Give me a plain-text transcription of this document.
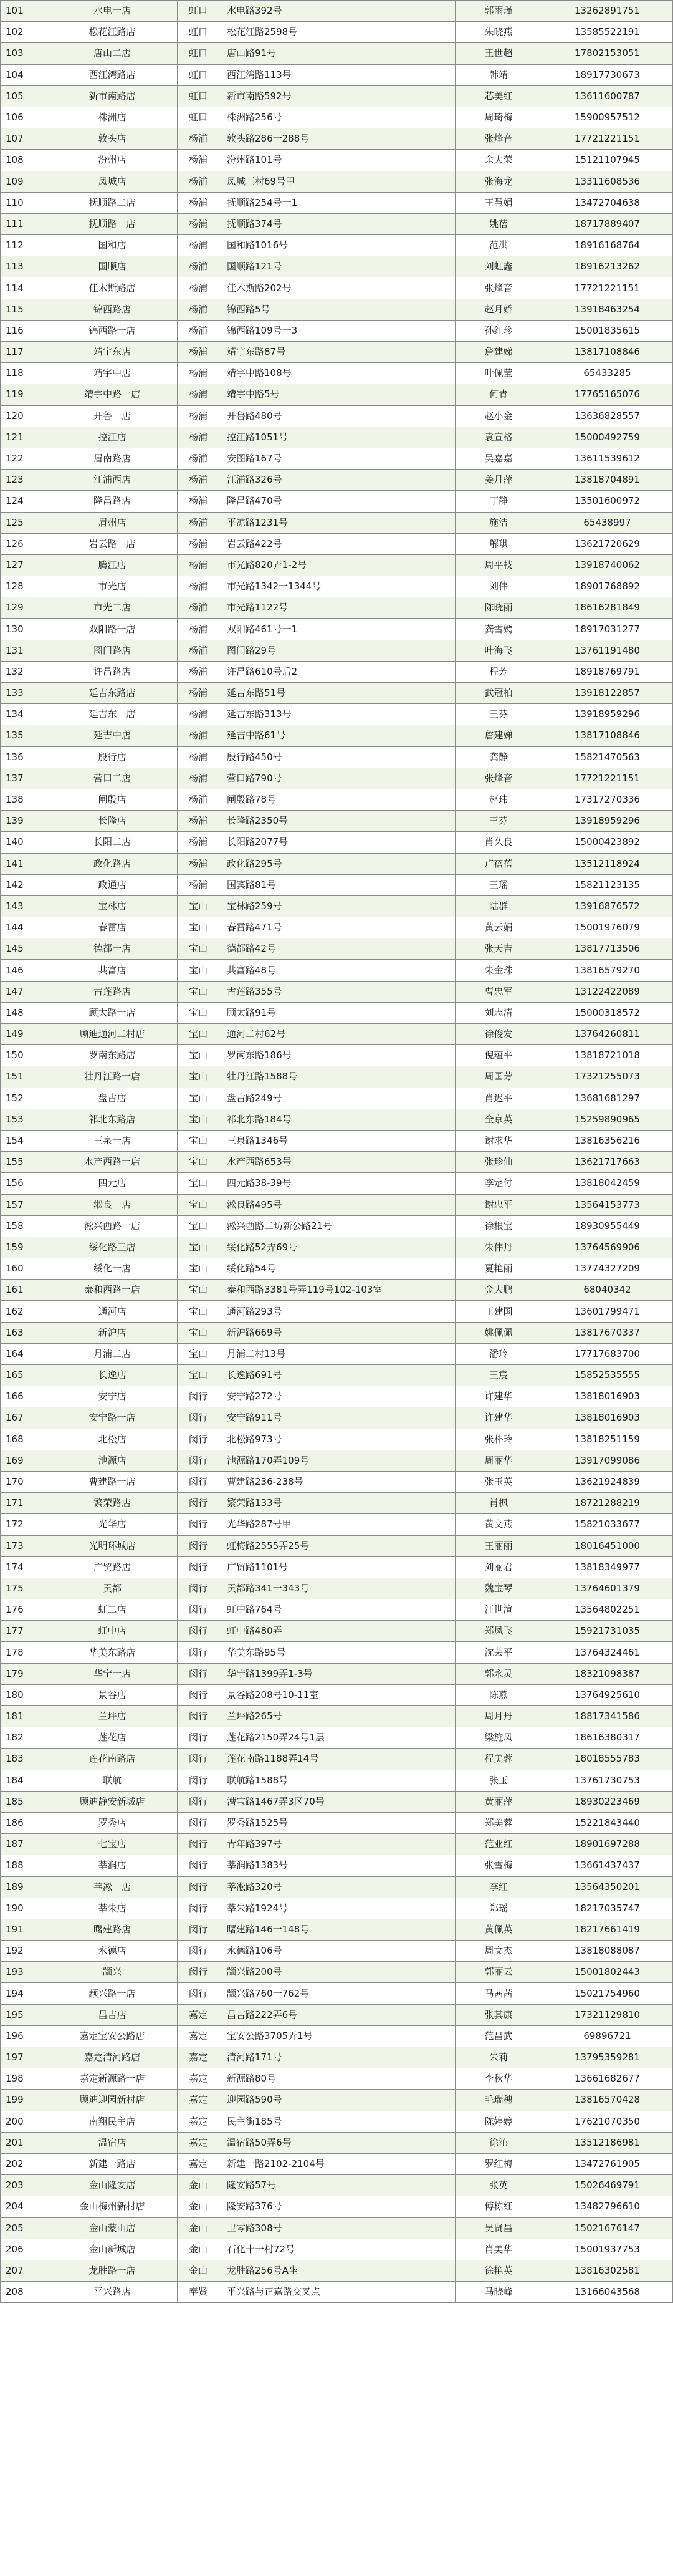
101	水电一店	虹口	水电路392号	郭雨瑾	13262891751
102	松花江路店	虹口	松花江路2598号	朱晓燕	13585522191
103	唐山二店	虹口	唐山路91号	王世超	17802153051
104	西江湾路店	虹口	西江湾路113号	韩靖	18917730673
105	新市南路店	虹口	新市南路592号	芯美红	13611600787
106	株洲店	虹口	株洲路256号	周琦梅	15900957512
107	敦头店	杨浦	敦头路286一288号	张烽音	17721221151
108	汾州店	杨浦	汾州路101号	余大荣	15121107945
109	凤城店	杨浦	凤城三村69号甲	张海龙	13311608536
110	抚顺路二店	杨浦	抚顺路254号一1	王慧娟	13472704638
111	抚顺路一店	杨浦	抚顺路374号	姚蓓	18717889407
112	国和店	杨浦	国和路1016号	范洪	18916168764
113	国顺店	杨浦	国顺路121号	刘虹鑫	18916213262
114	佳木斯路店	杨浦	佳木斯路202号	张烽音	17721221151
115	锦西路店	杨浦	锦西路5号	赵月娇	13918463254
116	锦西路一店	杨浦	锦西路109号一3	孙红珍	15001835615
117	靖宇东店	杨浦	靖宇东路87号	詹建娣	13817108846
118	靖宇中店	杨浦	靖宇中路108号	叶佩莹	65433285
119	靖宇中路一店	杨浦	靖宇中路5号	何青	17765165076
120	开鲁一店	杨浦	开鲁路480号	赵小金	13636828557
121	控江店	杨浦	控江路1051号	袁宣格	15000492759
122	眉南路店	杨浦	安图路167号	吴嘉嘉	13611539612
123	江浦西店	杨浦	江浦路326号	姜月萍	13818704891
124	隆昌路店	杨浦	隆昌路470号	丁静	13501600972
125	眉州店	杨浦	平凉路1231号	施洁	65438997
126	岩云路一店	杨浦	岩云路422号	解琪	13621720629
127	腾江店	杨浦	市光路820弄1-2号	周平枝	13918740062
128	市光店	杨浦	市光路1342一1344号	刘伟	18901768892
129	市光二店	杨浦	市光路1122号	陈晓丽	18616281849
130	双阳路一店	杨浦	双阳路461号一1	龚雪嫣	18917031277
131	图门路店	杨浦	图门路29号	叶海飞	13761191480
132	许昌路店	杨浦	许昌路610号后2	程芳	18918769791
133	延吉东路店	杨浦	延吉东路51号	武冠柏	13918122857
134	延吉东一店	杨浦	延吉东路313号	王芬	13918959296
135	延吉中店	杨浦	延吉中路61号	詹建娣	13817108846
136	殷行店	杨浦	殷行路450号	龚静	15821470563
137	营口二店	杨浦	营口路790号	张烽音	17721221151
138	闸殷店	杨浦	闸殷路78号	赵玮	17317270336
139	长隆店	杨浦	长隆路2350号	王芬	13918959296
140	长阳二店	杨浦	长阳路2077号	肖久良	15000423892
141	政化路店	杨浦	政化路295号	卢蓓蓓	13512118924
142	政通店	杨浦	国宾路81号	王瑶	15821123135
143	宝林店	宝山	宝林路259号	陆群	13916876572
144	春雷店	宝山	春雷路471号	黄云娟	15001976079
145	德都一店	宝山	德都路42号	张天吉	13817713506
146	共富店	宝山	共富路48号	朱金珠	13816579270
147	古莲路店	宝山	古莲路355号	曹忠军	13122422089
148	顾太路一店	宝山	顾太路91号	刘志清	15000318572
149	顾迪通河二村店	宝山	通河二村62号	徐俊发	13764260811
150	罗南东路店	宝山	罗南东路186号	倪蕴平	13818721018
151	牡丹江路一店	宝山	牡丹江路1588号	周国芳	17321255073
152	盘古店	宝山	盘古路249号	肖迟平	13681681297
153	祁北东路店	宝山	祁北东路184号	全京英	15259890965
154	三泉一店	宝山	三泉路1346号	谢求华	13816356216
155	水产西路一店	宝山	水产西路653号	张珍仙	13621717663
156	四元店	宝山	四元路38-39号	李定付	13818042459
157	淞良一店	宝山	淞良路495号	谢忠平	13564153773
158	淞兴西路一店	宝山	淞兴西路二坊新公路21号	徐根宝	18930955449
159	绥化路三店	宝山	绥化路52弄69号	朱伟丹	13764569906
160	绥化一店	宝山	绥化路54号	夏艳丽	13774327209
161	泰和西路一店	宝山	泰和西路3381号弄119号102-103室	金大鹏	68040342
162	通河店	宝山	通河路293号	王建国	13601799471
163	新沪店	宝山	新沪路669号	姚佩佩	13817670337
164	月浦二店	宝山	月浦二村13号	潘玲	17717683700
165	长逸店	宝山	长逸路691号	王宸	15852535555
166	安宁店	闵行	安宁路272号	许建华	13818016903
167	安宁路一店	闵行	安宁路911号	许建华	13818016903
168	北松店	闵行	北松路973号	张朴玲	13818251159
169	池源店	闵行	池源路170弄109号	周丽华	13917099086
170	曹建路一店	闵行	曹建路236-238号	张玉英	13621924839
171	繁荣路店	闵行	繁荣路133号	肖枫	18721288219
172	光华店	闵行	光华路287号甲	黄文燕	15821033677
173	光明环城店	闵行	虹梅路2555弄25号	王丽丽	18016451000
174	广贸路店	闵行	广贸路1101号	刘丽君	13818349977
175	贡都	闵行	贡都路341一343号	魏宝琴	13764601379
176	虹二店	闵行	虹中路764号	汪世渲	13564802251
177	虹中店	闵行	虹中路480弄	郑凤飞	15921731035
178	华美东路店	闵行	华美东路95号	沈芸平	13764324461
179	华宁一店	闵行	华宁路1399弄1-3号	郭永灵	18321098387
180	景谷店	闵行	景谷路208号10-11室	陈燕	13764925610
181	兰坪店	闵行	兰坪路265号	周月丹	18817341586
182	莲花店	闵行	莲花路2150弄24号1层	梁施凤	18616380317
183	莲花南路店	闵行	莲花南路1188弄14号	程美蓉	18018555783
184	联航	闵行	联航路1588号	张玉	13761730753
185	顾迪静安新城店	闵行	漕宝路1467弄3区70号	黄丽萍	18930223469
186	罗秀店	闵行	罗秀路1525号	郑美蓉	15221843440
187	七宝店	闵行	青年路397号	范亚红	18901697288
188	莘润店	闵行	莘润路1383号	张雪梅	13661437437
189	莘凇一店	闵行	莘凇路320号	李红	13564350201
190	莘朱店	闵行	莘朱路1924号	郑瑶	18217035747
191	曙建路店	闵行	曙建路146一148号	黄佩英	18217661419
192	永德店	闵行	永德路106号	周文杰	13818088087
193	颛兴	闵行	颛兴路200号	郭丽云	15001802443
194	颛兴路一店	闵行	颛兴路760一762号	马茜茜	15021754960
195	昌吉店	嘉定	昌吉路222弄6号	张其康	17321129810
196	嘉定宝安公路店	嘉定	宝安公路3705弄1号	范昌武	69896721
197	嘉定清河路店	嘉定	清河路171号	朱莉	13795359281
198	嘉定新源路一店	嘉定	新源路80号	李秋华	13661682677
199	顾迪迎园新村店	嘉定	迎园路590号	毛瑞穗	13816570428
200	南翔民主店	嘉定	民主街185号	陈婷婷	17621070350
201	温宿店	嘉定	温宿路50弄6号	徐沁	13512186981
202	新建一路店	嘉定	新建一路2102-2104号	罗红梅	13472761905
203	金山隆安店	金山	隆安路57号	张英	15026469791
204	金山梅州新村店	金山	隆安路376号	傅栋红	13482796610
205	金山蒙山店	金山	卫零路308号	吴贤昌	15021676147
206	金山新城店	金山	石化十一村72号	肖美华	15001937753
207	龙胜路一店	金山	龙胜路256号A坐	徐艳英	13816302581
208	平兴路店	奉贤	平兴路与正嘉路交叉点	马晓峰	13166043568
